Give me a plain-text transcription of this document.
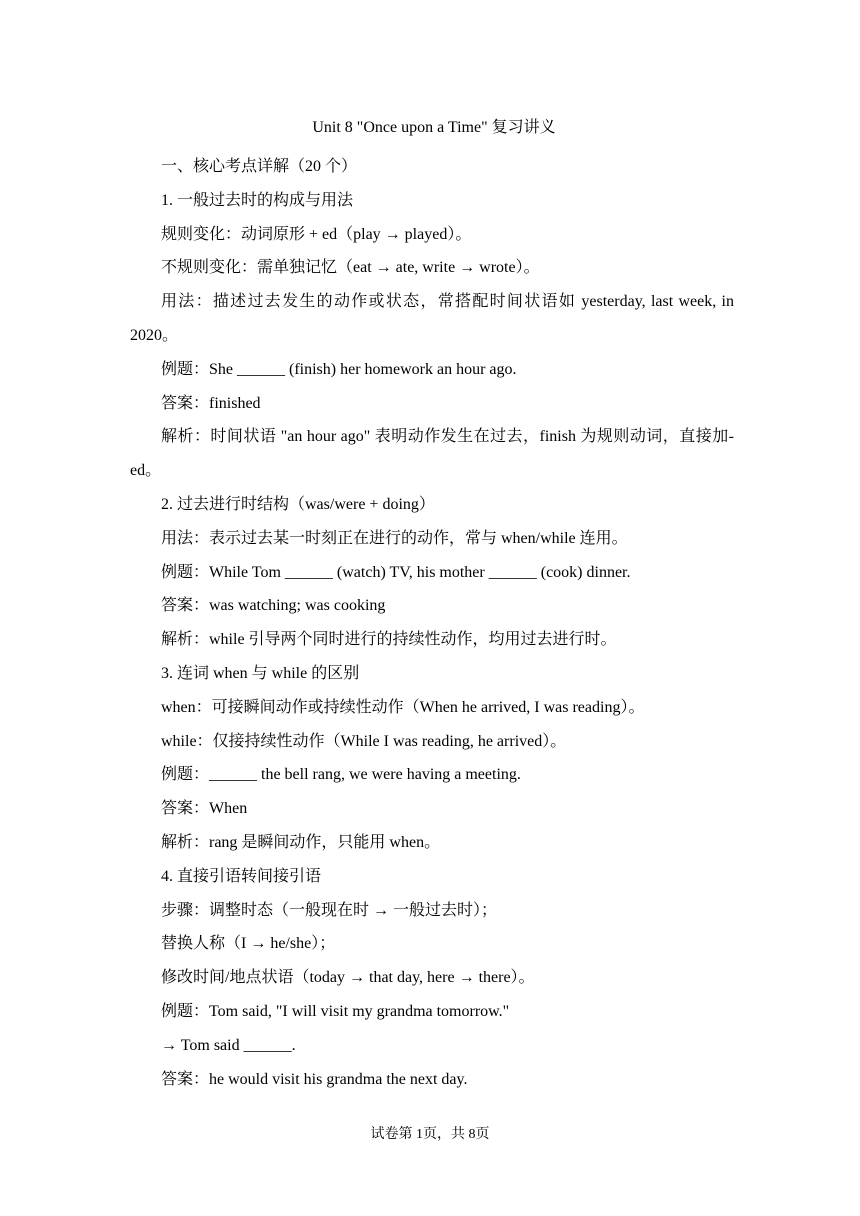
Unit 8 "Once upon a Time" 复习讲义

一、核心考点详解（20 个）

1. 一般过去时的构成与用法

规则变化：动词原形 + ed（play → played）。

不规则变化：需单独记忆（eat → ate, write → wrote）。

用法：描述过去发生的动作或状态，常搭配时间状语如 yesterday, last week, in 2020。

例题：She ______ (finish) her homework an hour ago.

答案：finished

解析：时间状语 "an hour ago" 表明动作发生在过去，finish 为规则动词，直接加-ed。

2. 过去进行时结构（was/were + doing）

用法：表示过去某一时刻正在进行的动作，常与 when/while 连用。

例题：While Tom ______ (watch) TV, his mother ______ (cook) dinner.

答案：was watching; was cooking

解析：while 引导两个同时进行的持续性动作，均用过去进行时。

3. 连词 when 与 while 的区别

when：可接瞬间动作或持续性动作（When he arrived, I was reading）。

while：仅接持续性动作（While I was reading, he arrived）。

例题：______ the bell rang, we were having a meeting.

答案：When

解析：rang 是瞬间动作，只能用 when。

4. 直接引语转间接引语

步骤：调整时态（一般现在时 → 一般过去时）；

替换人称（I → he/she）；

修改时间/地点状语（today → that day, here → there）。

例题：Tom said, "I will visit my grandma tomorrow."

→ Tom said ______.

答案：he would visit his grandma the next day.

试卷第 1页，共 8页
